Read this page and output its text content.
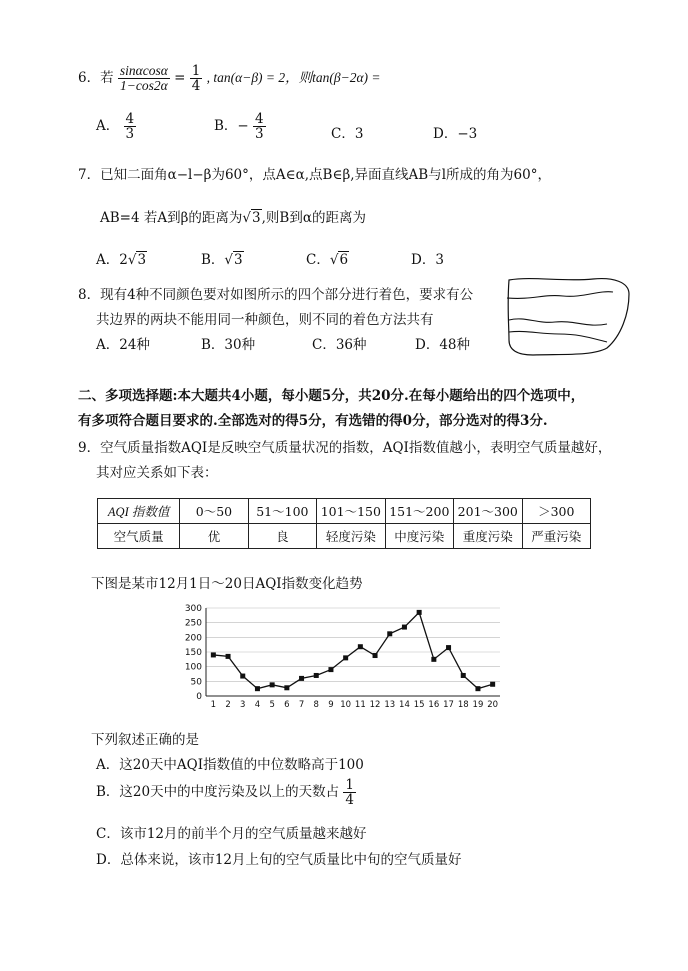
6．若 $\frac{\sin\alpha\cos\alpha}{1-\cos 2\alpha} = \frac{1}{4}$ , tan(α−β) = 2，则tan(β−2α) =
A． $\frac{4}{3}$	B．− $\frac{4}{3}$	C．3	D．−3
7．已知二面角α−l−β为60°，点A∈α,点B∈β,异面直线AB与l所成的角为60°，
AB=4 若A到β的距离为√3,则B到α的距离为
A．2√3	B．√3	C．√6	D．3
8．现有4种不同颜色要对如图所示的四个部分进行着色，要求有公
共边界的两块不能用同一种颜色，则不同的着色方法共有
A．24种	B．30种	C．36种	D．48种
二、多项选择题:本大题共4小题，每小题5分，共20分.在每小题给出的四个选项中，
有多项符合题目要求的.全部选对的得5分，有选错的得0分，部分选对的得3分.
9．空气质量指数AQI是反映空气质量状况的指数，AQI指数值越小，表明空气质量越好，
其对应关系如下表：
AQI 指数值	0～50	51～100	101～150	151～200	201～300	＞300
空气质量	优	良	轻度污染	中度污染	重度污染	严重污染
下图是某市12月1日～20日AQI指数变化趋势
0
50
100
150
200
250
300
1 2 3 4 5 6 7 8 9 10 11 12 13 14 15 16 17 18 19 20
下列叙述正确的是
A．这20天中AQI指数值的中位数略高于100
B．这20天中的中度污染及以上的天数占 $\frac{1}{4}$
C．该市12月的前半个月的空气质量越来越好
D．总体来说，该市12月上旬的空气质量比中旬的空气质量好
